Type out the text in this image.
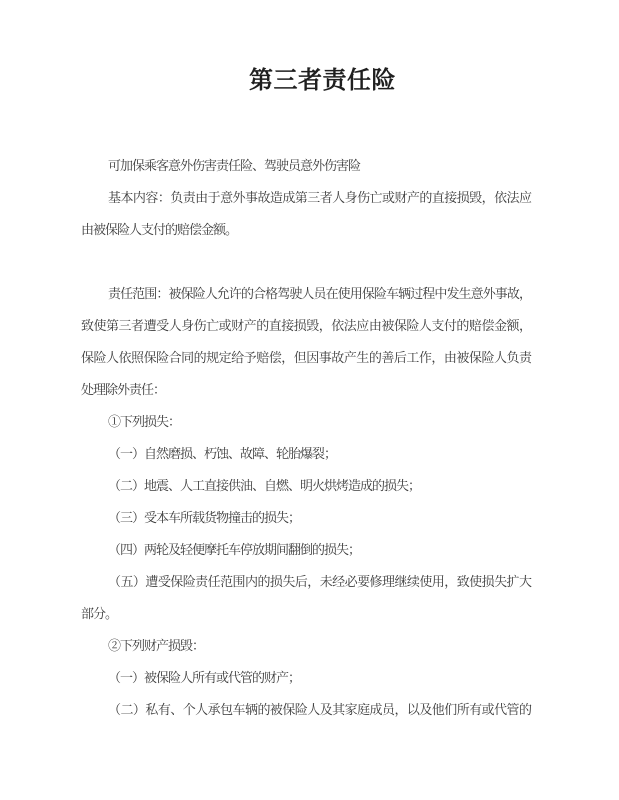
第三者责任险
可加保乘客意外伤害责任险、驾驶员意外伤害险
基本内容：负责由于意外事故造成第三者人身伤亡或财产的直接损毁，依法应
由被保险人支付的赔偿金额。
责任范围：被保险人允许的合格驾驶人员在使用保险车辆过程中发生意外事故，
致使第三者遭受人身伤亡或财产的直接损毁，依法应由被保险人支付的赔偿金额，
保险人依照保险合同的规定给予赔偿，但因事故产生的善后工作，由被保险人负责
处理除外责任：
①下列损失：
（一）自然磨损、朽蚀、故障、轮胎爆裂；
（二）地震、人工直接供油、自燃、明火烘烤造成的损失；
（三）受本车所载货物撞击的损失；
（四）两轮及轻便摩托车停放期间翻倒的损失；
（五）遭受保险责任范围内的损失后，未经必要修理继续使用，致使损失扩大
部分。
②下列财产损毁：
（一）被保险人所有或代管的财产；
（二）私有、个人承包车辆的被保险人及其家庭成员，以及他们所有或代管的
